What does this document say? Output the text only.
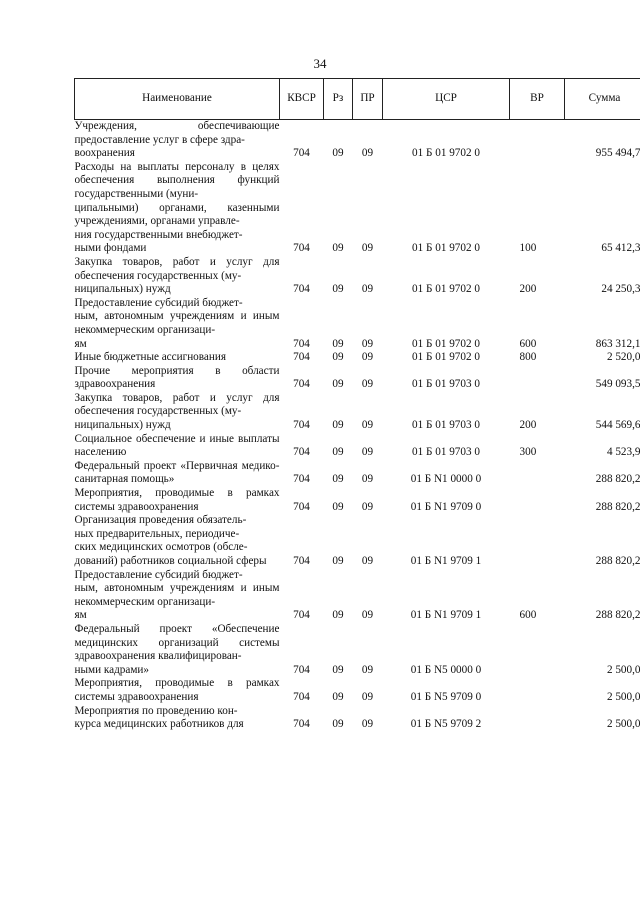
34
Наименование	КВСР	Рз	ПР	ЦСР	ВР	Сумма
Учреждения, обеспечивающие предоставление услуг в сфере здра-
воохранения	704	09	09	01 Б 01 9702 0		955 494,7
Расходы на выплаты персоналу в целях обеспечения выполнения функций государственными (муни-
ципальными) органами, казенными учреждениями, органами управле-
ния государственными внебюджет-
ными фондами	704	09	09	01 Б 01 9702 0	100	65 412,3
Закупка товаров, работ и услуг для обеспечения государственных (му-
ниципальных) нужд	704	09	09	01 Б 01 9702 0	200	24 250,3
Предоставление субсидий бюджет-
ным, автономным учреждениям и иным некоммерческим организаци-
ям	704	09	09	01 Б 01 9702 0	600	863 312,1
Иные бюджетные ассигнования	704	09	09	01 Б 01 9702 0	800	2 520,0
Прочие мероприятия в области здравоохранения	704	09	09	01 Б 01 9703 0		549 093,5
Закупка товаров, работ и услуг для обеспечения государственных (му-
ниципальных) нужд	704	09	09	01 Б 01 9703 0	200	544 569,6
Социальное обеспечение и иные выплаты населению	704	09	09	01 Б 01 9703 0	300	4 523,9
Федеральный проект «Первичная медико-санитарная помощь»	704	09	09	01 Б N1 0000 0		288 820,2
Мероприятия, проводимые в рамках системы здравоохранения	704	09	09	01 Б N1 9709 0		288 820,2
Организация проведения обязатель-
ных предварительных, периодиче-
ских медицинских осмотров (обсле-
дований) работников социальной сферы	704	09	09	01 Б N1 9709 1		288 820,2
Предоставление субсидий бюджет-
ным, автономным учреждениям и иным некоммерческим организаци-
ям	704	09	09	01 Б N1 9709 1	600	288 820,2
Федеральный проект «Обеспечение медицинских организаций системы здравоохранения квалифицирован-
ными кадрами»	704	09	09	01 Б N5 0000 0		2 500,0
Мероприятия, проводимые в рамках системы здравоохранения	704	09	09	01 Б N5 9709 0		2 500,0
Мероприятия по проведению кон-
курса медицинских работников для	704	09	09	01 Б N5 9709 2		2 500,0
